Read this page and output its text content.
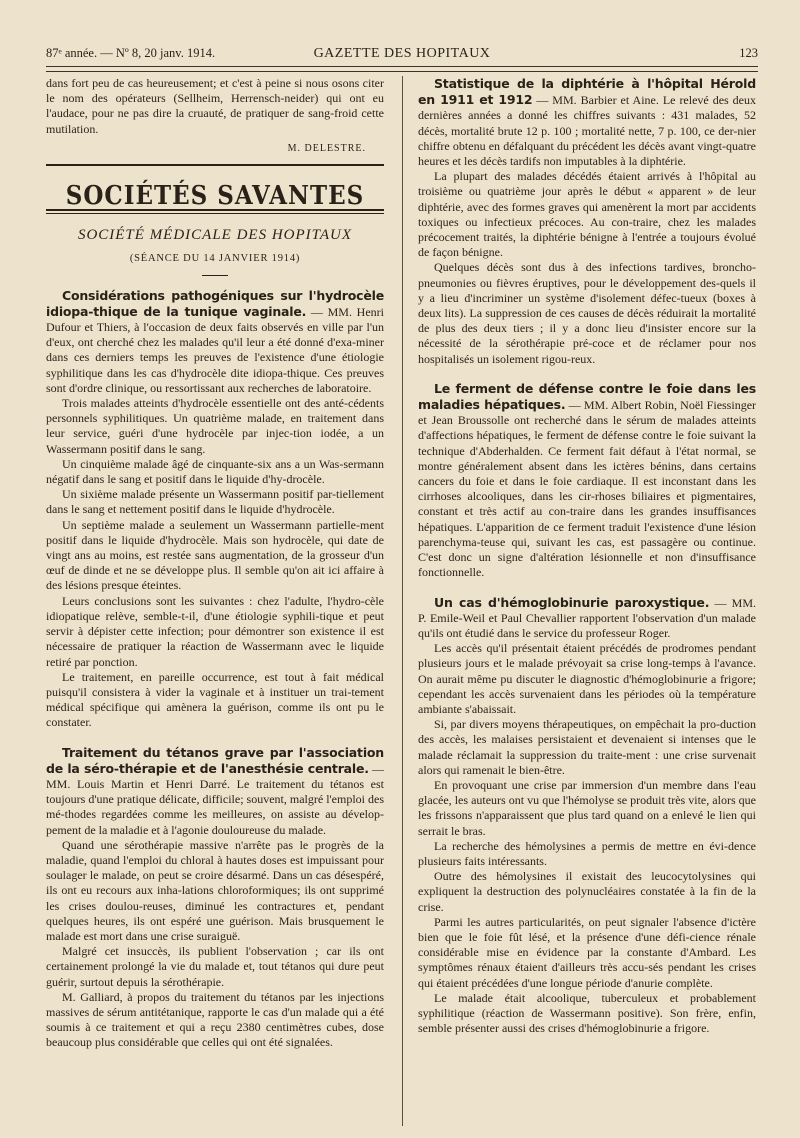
87ᵉ année. — Nº 8, 20 janv. 1914.	GAZETTE DES HOPITAUX	123

dans fort peu de cas heureusement; et c'est à peine si nous osons citer le nom des opérateurs (Sellheim, Herrensch-neider) qui ont eu l'audace, pour ne pas dire la cruauté, de pratiquer de sang-froid cette mutilation.

M. DELESTRE.
SOCIÉTÉS SAVANTES
SOCIÉTÉ MÉDICALE DES HOPITAUX
(SÉANCE DU 14 JANVIER 1914)

Considérations pathogéniques sur l'hydrocèle idiopa-thique de la tunique vaginale. — MM. Henri Dufour et Thiers, à l'occasion de deux faits observés en ville par l'un d'eux, ont cherché chez les malades qu'il leur a été donné d'exa-miner dans ces derniers temps les preuves de l'existence d'une étiologie syphilitique dans les cas d'hydrocèle dite idiopa-thique. Ces preuves sont d'ordre clinique, ou ressortissant aux recherches de laboratoire.

Trois malades atteints d'hydrocèle essentielle ont des anté-cédents personnels syphilitiques. Un quatrième malade, en traitement dans leur service, guéri d'une hydrocèle par injec-tion iodée, a un Wassermann positif dans le sang.

Un cinquième malade âgé de cinquante-six ans a un Was-sermann négatif dans le sang et positif dans le liquide d'hy-drocèle.

Un sixième malade présente un Wassermann positif par-tiellement dans le sang et nettement positif dans le liquide d'hydrocèle.

Un septième malade a seulement un Wassermann partielle-ment positif dans le liquide d'hydrocèle. Mais son hydrocèle, qui date de vingt ans au moins, est restée sans augmentation, de la grosseur d'un œuf de dinde et ne se développe plus. Il semble qu'on ait ici affaire à des lésions presque éteintes.

Leurs conclusions sont les suivantes : chez l'adulte, l'hydro-cèle idiopatique relève, semble-t-il, d'une étiologie syphili-tique et peut servir à dépister cette infection; pour démontrer son existence il est nécessaire de pratiquer la réaction de Wassermann avec le liquide retiré par ponction.

Le traitement, en pareille occurrence, est tout à fait médical puisqu'il consistera à vider la vaginale et à instituer un trai-tement médical spécifique qui amènera la guérison, comme ils ont pu le constater.

Traitement du tétanos grave par l'association de la séro-thérapie et de l'anesthésie centrale. — MM. Louis Martin et Henri Darré. Le traitement du tétanos est toujours d'une pratique délicate, difficile; souvent, malgré l'emploi des mé-thodes regardées comme les meilleures, on assiste au dévelop-pement de la maladie et à l'agonie douloureuse du malade.

Quand une sérothérapie massive n'arrête pas le progrès de la maladie, quand l'emploi du chloral à hautes doses est impuissant pour soulager le malade, on peut se croire désarmé. Dans un cas désespéré, ils ont eu recours aux inha-lations chloroformiques; ils ont supprimé les crises doulou-reuses, diminué les contractures et, pendant quelques heures, ils ont espéré une guérison. Mais brusquement le malade est mort dans une crise suraiguë.

Malgré cet insuccès, ils publient l'observation ; car ils ont certainement prolongé la vie du malade et, tout tétanos qui dure peut guérir, surtout depuis la sérothérapie.

M. Galliard, à propos du traitement du tétanos par les injections massives de sérum antitétanique, rapporte le cas d'un malade qui a été soumis à ce traitement et qui a reçu 2380 centimètres cubes, dose beaucoup plus considérable que celles qui ont été signalées.

Statistique de la diphtérie à l'hôpital Hérold en 1911 et 1912 — MM. Barbier et Aine. Le relevé des deux dernières années a donné les chiffres suivants : 431 malades, 52 décès, mortalité brute 12 p. 100 ; mortalité nette, 7 p. 100, ce der-nier chiffre obtenu en défalquant du précédent les décès avant vingt-quatre heures et les décès tardifs non imputables à la diphtérie.

La plupart des malades décédés étaient arrivés à l'hôpital au troisième ou quatrième jour après le début « apparent » de leur diphtérie, avec des formes graves qui amenèrent la mort par accidents toxiques ou infectieux précoces. Au con-traire, chez les malades précocement traités, la diphtérie bénigne à l'entrée a toujours évolué de façon bénigne.

Quelques décès sont dus à des infections tardives, broncho-pneumonies ou fièvres éruptives, pour le développement des-quels il y a lieu d'incriminer un système d'isolement défec-tueux (boxes à deux lits). La suppression de ces causes de décès réduirait la mortalité de plus des deux tiers ; il y a donc lieu d'insister encore sur la nécessité de la sérothérapie pré-coce et de réclamer pour nos hospitalisés un isolement rigou-reux.

Le ferment de défense contre le foie dans les maladies hépatiques. — MM. Albert Robin, Noël Fiessinger et Jean Broussolle ont recherché dans le sérum de malades atteints d'affections hépatiques, le ferment de défense contre le foie suivant la technique d'Abderhalden. Ce ferment fait défaut à l'état normal, se montre généralement absent dans les ictères bénins, dans certains cancers du foie et dans le foie cardiaque. Il est inconstant dans les cirrhoses alcooliques, dans les cir-rhoses biliaires et pigmentaires, constant et très actif au con-traire dans les grandes insuffisances hépatiques. L'apparition de ce ferment traduit l'existence d'une lésion parenchyma-teuse qui, suivant les cas, est passagère ou continue. C'est donc un signe d'altération lésionnelle et non d'insuffisance fonctionnelle.

Un cas d'hémoglobinurie paroxystique. — MM. P. Emile-Weil et Paul Chevallier rapportent l'observation d'un malade qu'ils ont étudié dans le service du professeur Roger.

Les accès qu'il présentait étaient précédés de prodromes pendant plusieurs jours et le malade prévoyait sa crise long-temps à l'avance. On aurait même pu discuter le diagnostic d'hémoglobinurie a frigore; cependant les accès survenaient dans les périodes où la température ambiante s'abaissait.

Si, par divers moyens thérapeutiques, on empêchait la pro-duction des accès, les malaises persistaient et devenaient si intenses que le malade réclamait la suppression du traite-ment : une crise survenait alors qui ramenait le bien-être.

En provoquant une crise par immersion d'un membre dans l'eau glacée, les auteurs ont vu que l'hémolyse se produit très vite, alors que les frissons n'apparaissent que plus tard quand on a enlevé le lien qui serrait le bras.

La recherche des hémolysines a permis de mettre en évi-dence plusieurs faits intéressants.

Outre des hémolysines il existait des leucocytolysines qui expliquent la destruction des polynucléaires constatée à la fin de la crise.

Parmi les autres particularités, on peut signaler l'absence d'ictère bien que le foie fût lésé, et la présence d'une défi-cience rénale considérable mise en évidence par la constante d'Ambard. Les symptômes rénaux étaient d'ailleurs très accu-sés pendant les crises qui étaient précédées d'une longue période d'anurie complète.

Le malade était alcoolique, tuberculeux et probablement syphilitique (réaction de Wassermann positive). Son frère, enfin, semble présenter aussi des crises d'hémoglobinurie a frigore.
